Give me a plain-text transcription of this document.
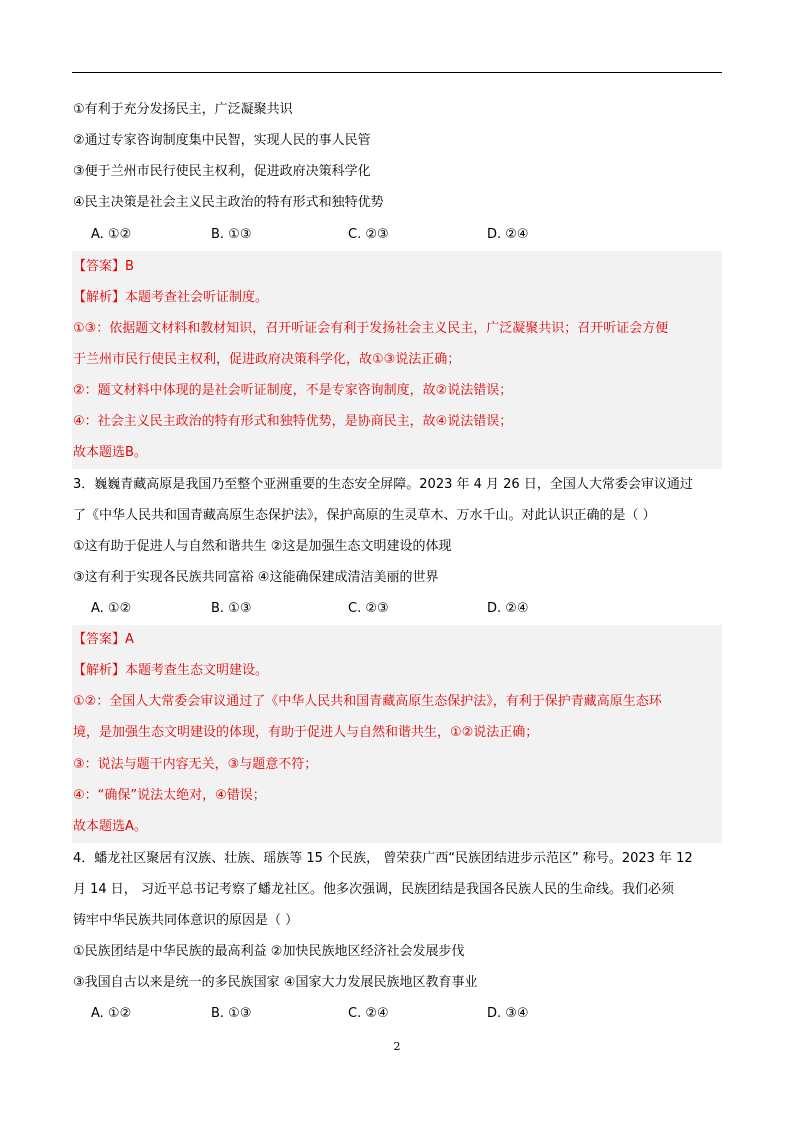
①有利于充分发扬民主，广泛凝聚共识
②通过专家咨询制度集中民智，实现人民的事人民管
③便于兰州市民行使民主权利，促进政府决策科学化
④民主决策是社会主义民主政治的特有形式和独特优势
A. ①②	B. ①③	C. ②③	D. ②④
【答案】B
【解析】本题考查社会听证制度。
①③：依据题文材料和教材知识，召开听证会有利于发扬社会主义民主，广泛凝聚共识；召开听证会方便
于兰州市民行使民主权利，促进政府决策科学化，故①③说法正确；
②：题文材料中体现的是社会听证制度，不是专家咨询制度，故②说法错误；
④：社会主义民主政治的特有形式和独特优势，是协商民主，故④说法错误；
故本题选B。
3．巍巍青藏高原是我国乃至整个亚洲重要的生态安全屏障。2023 年 4 月 26 日，全国人大常委会审议通过
了《中华人民共和国青藏高原生态保护法》，保护高原的生灵草木、万水千山。对此认识正确的是（ ）
①这有助于促进人与自然和谐共生 ②这是加强生态文明建设的体现
③这有利于实现各民族共同富裕 ④这能确保建成清洁美丽的世界
A. ①②	B. ①③	C. ②③	D. ②④
【答案】A
【解析】本题考查生态文明建设。
①②：全国人大常委会审议通过了《中华人民共和国青藏高原生态保护法》，有利于保护青藏高原生态环
境，是加强生态文明建设的体现，有助于促进人与自然和谐共生，①②说法正确；
③：说法与题干内容无关，③与题意不符；
④：“确保”说法太绝对，④错误；
故本题选A。
4．蟠龙社区聚居有汉族、壮族、瑶族等 15 个民族， 曾荣获广西“民族团结进步示范区” 称号。2023 年 12
月 14 日， 习近平总书记考察了蟠龙社区。他多次强调，民族团结是我国各民族人民的生命线。我们必须
铸牢中华民族共同体意识的原因是（ ）
①民族团结是中华民族的最高利益 ②加快民族地区经济社会发展步伐
③我国自古以来是统一的多民族国家 ④国家大力发展民族地区教育事业
A. ①②	B. ①③	C. ②④	D. ③④
2
